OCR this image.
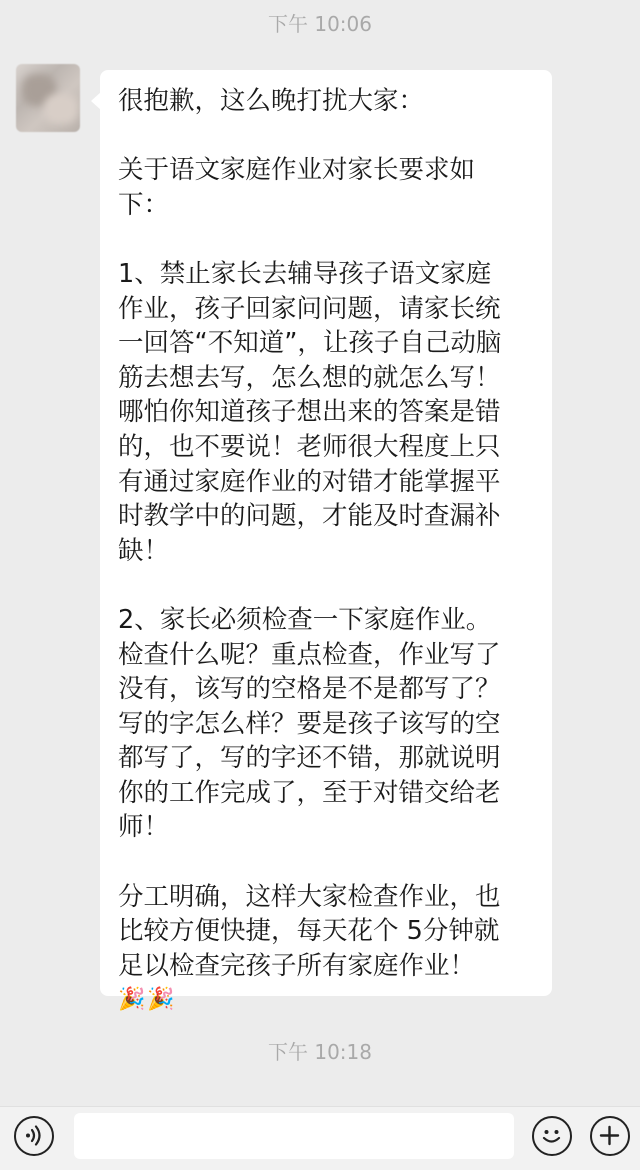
下午 10:06
很抱歉，这么晚打扰大家：
关于语文家庭作业对家长要求如
下：
1、禁止家长去辅导孩子语文家庭
作业，孩子回家问问题，请家长统
一回答“不知道”，让孩子自己动脑
筋去想去写，怎么想的就怎么写！
哪怕你知道孩子想出来的答案是错
的，也不要说！老师很大程度上只
有通过家庭作业的对错才能掌握平
时教学中的问题，才能及时查漏补
缺！
2、家长必须检查一下家庭作业。
检查什么呢？重点检查，作业写了
没有，该写的空格是不是都写了？
写的字怎么样？要是孩子该写的空
都写了，写的字还不错，那就说明
你的工作完成了，至于对错交给老
师！
分工明确，这样大家检查作业，也
比较方便快捷，每天花个 5分钟就
足以检查完孩子所有家庭作业！
🎉🎉
下午 10:18
